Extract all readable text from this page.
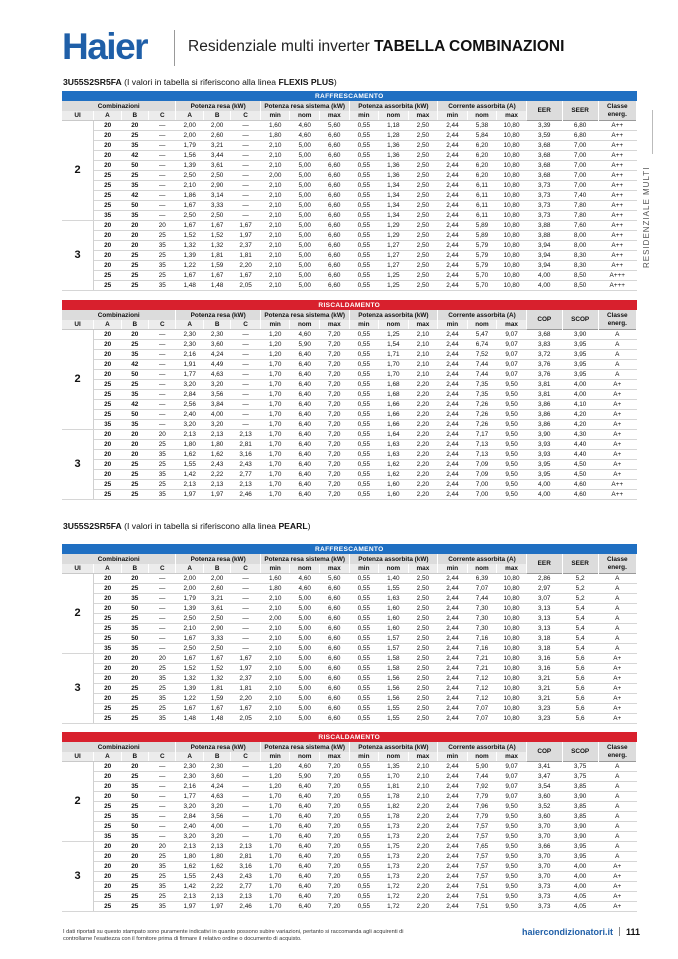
Haier	Residenziale multi inverter TABELLA COMBINAZIONI
RESIDENZIALE MULTI
3U55S2SR5FA (I valori in tabella si riferiscono alla linea FLEXIS PLUS)
3U55S2SR5FA (I valori in tabella si riferiscono alla linea PEARL)
RAFFRESCAMENTO																		
Combinazioni				Potenza resa (kW)			Potenza resa sistema (kW)			Potenza assorbita (kW)			Corrente assorbita (A)			EER	SEER	Classe energ.
UI	A	B	C	A	B	C	min	nom	max	min	nom	max	min	nom	max			
2	20	20	—	2,00	2,00	—	1,60	4,60	5,60	0,55	1,18	2,50	2,44	5,38	10,80	3,39	6,80	A++
	20	25	—	2,00	2,60	—	1,80	4,60	6,60	0,55	1,28	2,50	2,44	5,84	10,80	3,59	6,80	A++
	20	35	—	1,79	3,21	—	2,10	5,00	6,60	0,55	1,36	2,50	2,44	6,20	10,80	3,68	7,00	A++
	20	42	—	1,56	3,44	—	2,10	5,00	6,60	0,55	1,36	2,50	2,44	6,20	10,80	3,68	7,00	A++
	20	50	—	1,39	3,61	—	2,10	5,00	6,60	0,55	1,36	2,50	2,44	6,20	10,80	3,68	7,00	A++
	25	25	—	2,50	2,50	—	2,00	5,00	6,60	0,55	1,36	2,50	2,44	6,20	10,80	3,68	7,00	A++
	25	35	—	2,10	2,90	—	2,10	5,00	6,60	0,55	1,34	2,50	2,44	6,11	10,80	3,73	7,00	A++
	25	42	—	1,86	3,14	—	2,10	5,00	6,60	0,55	1,34	2,50	2,44	6,11	10,80	3,73	7,40	A++
	25	50	—	1,67	3,33	—	2,10	5,00	6,60	0,55	1,34	2,50	2,44	6,11	10,80	3,73	7,80	A++
	35	35	—	2,50	2,50	—	2,10	5,00	6,60	0,55	1,34	2,50	2,44	6,11	10,80	3,73	7,80	A++
3	20	20	20	1,67	1,67	1,67	2,10	5,00	6,60	0,55	1,29	2,50	2,44	5,89	10,80	3,88	7,60	A++
	20	20	25	1,52	1,52	1,97	2,10	5,00	6,60	0,55	1,29	2,50	2,44	5,89	10,80	3,88	8,00	A++
	20	20	35	1,32	1,32	2,37	2,10	5,00	6,60	0,55	1,27	2,50	2,44	5,79	10,80	3,94	8,00	A++
	20	25	25	1,39	1,81	1,81	2,10	5,00	6,60	0,55	1,27	2,50	2,44	5,79	10,80	3,94	8,30	A++
	20	25	35	1,22	1,59	2,20	2,10	5,00	6,60	0,55	1,27	2,50	2,44	5,79	10,80	3,94	8,30	A++
	25	25	25	1,67	1,67	1,67	2,10	5,00	6,60	0,55	1,25	2,50	2,44	5,70	10,80	4,00	8,50	A+++
	25	25	35	1,48	1,48	2,05	2,10	5,00	6,60	0,55	1,25	2,50	2,44	5,70	10,80	4,00	8,50	A+++
RISCALDAMENTO																		
Combinazioni				Potenza resa (kW)			Potenza resa sistema (kW)			Potenza assorbita (kW)			Corrente assorbita (A)			COP	SCOP	Classe energ.
UI	A	B	C	A	B	C	min	nom	max	min	nom	max	min	nom	max			
2	20	20	—	2,30	2,30	—	1,20	4,60	7,20	0,55	1,25	2,10	2,44	5,47	9,07	3,68	3,90	A
	20	25	—	2,30	3,60	—	1,20	5,90	7,20	0,55	1,54	2,10	2,44	6,74	9,07	3,83	3,95	A
	20	35	—	2,16	4,24	—	1,20	6,40	7,20	0,55	1,71	2,10	2,44	7,52	9,07	3,72	3,95	A
	20	42	—	1,91	4,49	—	1,70	6,40	7,20	0,55	1,70	2,10	2,44	7,44	9,07	3,76	3,95	A
	20	50	—	1,77	4,63	—	1,70	6,40	7,20	0,55	1,70	2,10	2,44	7,44	9,07	3,76	3,95	A
	25	25	—	3,20	3,20	—	1,70	6,40	7,20	0,55	1,68	2,20	2,44	7,35	9,50	3,81	4,00	A+
	25	35	—	2,84	3,56	—	1,70	6,40	7,20	0,55	1,68	2,20	2,44	7,35	9,50	3,81	4,00	A+
	25	42	—	2,56	3,84	—	1,70	6,40	7,20	0,55	1,66	2,20	2,44	7,26	9,50	3,86	4,10	A+
	25	50	—	2,40	4,00	—	1,70	6,40	7,20	0,55	1,66	2,20	2,44	7,26	9,50	3,86	4,20	A+
	35	35	—	3,20	3,20	—	1,70	6,40	7,20	0,55	1,66	2,20	2,44	7,26	9,50	3,86	4,20	A+
3	20	20	20	2,13	2,13	2,13	1,70	6,40	7,20	0,55	1,64	2,20	2,44	7,17	9,50	3,90	4,30	A+
	20	20	25	1,80	1,80	2,81	1,70	6,40	7,20	0,55	1,63	2,20	2,44	7,13	9,50	3,93	4,40	A+
	20	20	35	1,62	1,62	3,16	1,70	6,40	7,20	0,55	1,63	2,20	2,44	7,13	9,50	3,93	4,40	A+
	20	25	25	1,55	2,43	2,43	1,70	6,40	7,20	0,55	1,62	2,20	2,44	7,09	9,50	3,95	4,50	A+
	20	25	35	1,42	2,22	2,77	1,70	6,40	7,20	0,55	1,62	2,20	2,44	7,09	9,50	3,95	4,50	A+
	25	25	25	2,13	2,13	2,13	1,70	6,40	7,20	0,55	1,60	2,20	2,44	7,00	9,50	4,00	4,60	A++
	25	25	35	1,97	1,97	2,46	1,70	6,40	7,20	0,55	1,60	2,20	2,44	7,00	9,50	4,00	4,60	A++
RAFFRESCAMENTO																		
Combinazioni				Potenza resa (kW)			Potenza resa sistema (kW)			Potenza assorbita (kW)			Corrente assorbita (A)			EER	SEER	Classe energ.
UI	A	B	C	A	B	C	min	nom	max	min	nom	max	min	nom	max			
2	20	20	—	2,00	2,00	—	1,60	4,60	5,60	0,55	1,40	2,50	2,44	6,39	10,80	2,86	5,2	A
	20	25	—	2,00	2,60	—	1,80	4,60	6,60	0,55	1,55	2,50	2,44	7,07	10,80	2,97	5,2	A
	20	35	—	1,79	3,21	—	2,10	5,00	6,60	0,55	1,63	2,50	2,44	7,44	10,80	3,07	5,2	A
	20	50	—	1,39	3,61	—	2,10	5,00	6,60	0,55	1,60	2,50	2,44	7,30	10,80	3,13	5,4	A
	25	25	—	2,50	2,50	—	2,00	5,00	6,60	0,55	1,60	2,50	2,44	7,30	10,80	3,13	5,4	A
	25	35	—	2,10	2,90	—	2,10	5,00	6,60	0,55	1,60	2,50	2,44	7,30	10,80	3,13	5,4	A
	25	50	—	1,67	3,33	—	2,10	5,00	6,60	0,55	1,57	2,50	2,44	7,16	10,80	3,18	5,4	A
	35	35	—	2,50	2,50	—	2,10	5,00	6,60	0,55	1,57	2,50	2,44	7,16	10,80	3,18	5,4	A
3	20	20	20	1,67	1,67	1,67	2,10	5,00	6,60	0,55	1,58	2,50	2,44	7,21	10,80	3,16	5,6	A+
	20	20	25	1,52	1,52	1,97	2,10	5,00	6,60	0,55	1,58	2,50	2,44	7,21	10,80	3,16	5,6	A+
	20	20	35	1,32	1,32	2,37	2,10	5,00	6,60	0,55	1,56	2,50	2,44	7,12	10,80	3,21	5,6	A+
	20	25	25	1,39	1,81	1,81	2,10	5,00	6,60	0,55	1,56	2,50	2,44	7,12	10,80	3,21	5,6	A+
	20	25	35	1,22	1,59	2,20	2,10	5,00	6,60	0,55	1,56	2,50	2,44	7,12	10,80	3,21	5,6	A+
	25	25	25	1,67	1,67	1,67	2,10	5,00	6,60	0,55	1,55	2,50	2,44	7,07	10,80	3,23	5,6	A+
	25	25	35	1,48	1,48	2,05	2,10	5,00	6,60	0,55	1,55	2,50	2,44	7,07	10,80	3,23	5,6	A+
RISCALDAMENTO																		
Combinazioni				Potenza resa (kW)			Potenza resa sistema (kW)			Potenza assorbita (kW)			Corrente assorbita (A)			COP	SCOP	Classe energ.
UI	A	B	C	A	B	C	min	nom	max	min	nom	max	min	nom	max			
2	20	20	—	2,30	2,30	—	1,20	4,60	7,20	0,55	1,35	2,10	2,44	5,90	9,07	3,41	3,75	A
	20	25	—	2,30	3,60	—	1,20	5,90	7,20	0,55	1,70	2,10	2,44	7,44	9,07	3,47	3,75	A
	20	35	—	2,16	4,24	—	1,20	6,40	7,20	0,55	1,81	2,10	2,44	7,92	9,07	3,54	3,85	A
	20	50	—	1,77	4,63	—	1,70	6,40	7,20	0,55	1,78	2,10	2,44	7,79	9,07	3,60	3,90	A
	25	25	—	3,20	3,20	—	1,70	6,40	7,20	0,55	1,82	2,20	2,44	7,96	9,50	3,52	3,85	A
	25	35	—	2,84	3,56	—	1,70	6,40	7,20	0,55	1,78	2,20	2,44	7,79	9,50	3,60	3,85	A
	25	50	—	2,40	4,00	—	1,70	6,40	7,20	0,55	1,73	2,20	2,44	7,57	9,50	3,70	3,90	A
	35	35	—	3,20	3,20	—	1,70	6,40	7,20	0,55	1,73	2,20	2,44	7,57	9,50	3,70	3,90	A
3	20	20	20	2,13	2,13	2,13	1,70	6,40	7,20	0,55	1,75	2,20	2,44	7,65	9,50	3,66	3,95	A
	20	20	25	1,80	1,80	2,81	1,70	6,40	7,20	0,55	1,73	2,20	2,44	7,57	9,50	3,70	3,95	A
	20	20	35	1,62	1,62	3,16	1,70	6,40	7,20	0,55	1,73	2,20	2,44	7,57	9,50	3,70	4,00	A+
	20	25	25	1,55	2,43	2,43	1,70	6,40	7,20	0,55	1,73	2,20	2,44	7,57	9,50	3,70	4,00	A+
	20	25	35	1,42	2,22	2,77	1,70	6,40	7,20	0,55	1,72	2,20	2,44	7,51	9,50	3,73	4,00	A+
	25	25	25	2,13	2,13	2,13	1,70	6,40	7,20	0,55	1,72	2,20	2,44	7,51	9,50	3,73	4,05	A+
	25	25	35	1,97	1,97	2,46	1,70	6,40	7,20	0,55	1,72	2,20	2,44	7,51	9,50	3,73	4,05	A+
I dati riportati su questo stampato sono puramente indicativi in quanto possono subire variazioni, pertanto si raccomanda agli acquirenti di controllarne l'esattezza con il fornitore prima di firmare il relativo ordine o documento di acquisto.
haiercondizionatori.it 111
